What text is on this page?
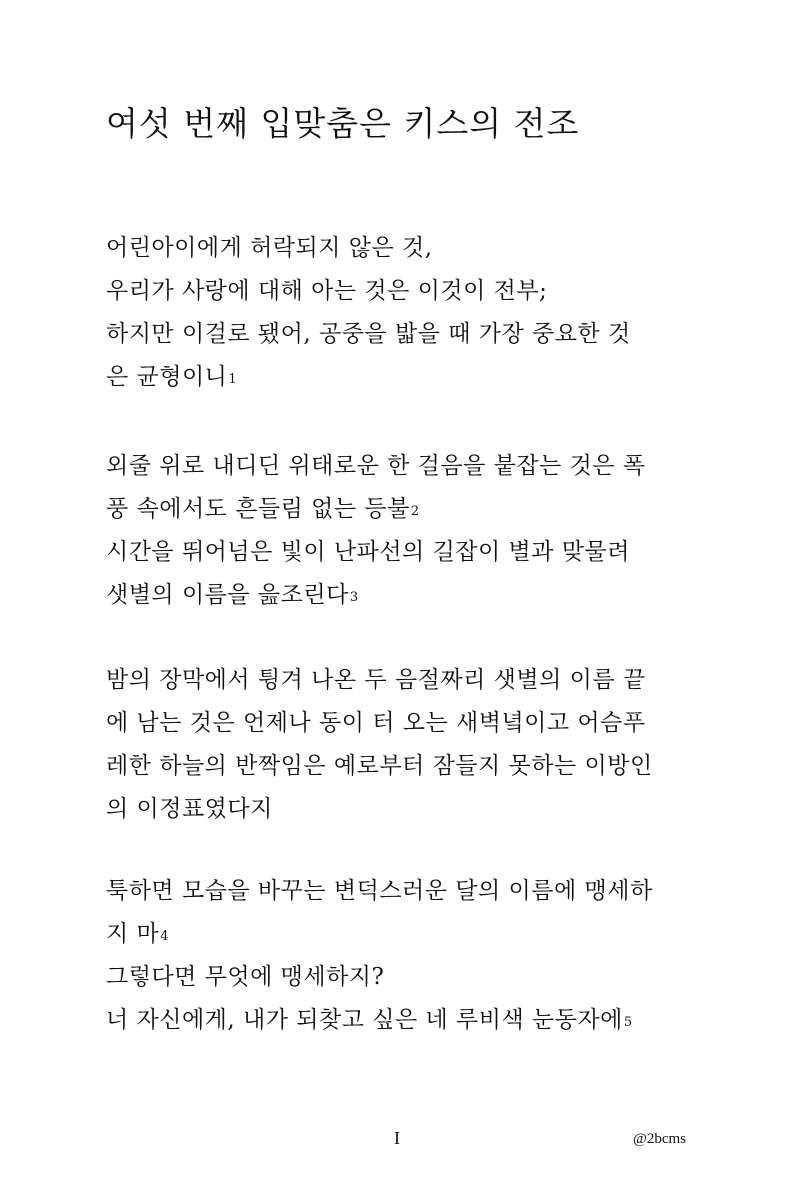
여섯 번째 입맞춤은 키스의 전조
어린아이에게 허락되지 않은 것,
우리가 사랑에 대해 아는 것은 이것이 전부;
하지만 이걸로 됐어, 공중을 밟을 때 가장 중요한 것
은 균형이니$^1$
외줄 위로 내디딘 위태로운 한 걸음을 붙잡는 것은 폭
풍 속에서도 흔들림 없는 등불$^2$
시간을 뛰어넘은 빛이 난파선의 길잡이 별과 맞물려
샛별의 이름을 읊조린다$^3$
밤의 장막에서 튕겨 나온 두 음절짜리 샛별의 이름 끝
에 남는 것은 언제나 동이 터 오는 새벽녘이고 어슴푸
레한 하늘의 반짝임은 예로부터 잠들지 못하는 이방인
의 이정표였다지
툭하면 모습을 바꾸는 변덕스러운 달의 이름에 맹세하
지 마$^4$
그렇다면 무엇에 맹세하지?
너 자신에게, 내가 되찾고 싶은 네 루비색 눈동자에$^5$
I	@2bcms
